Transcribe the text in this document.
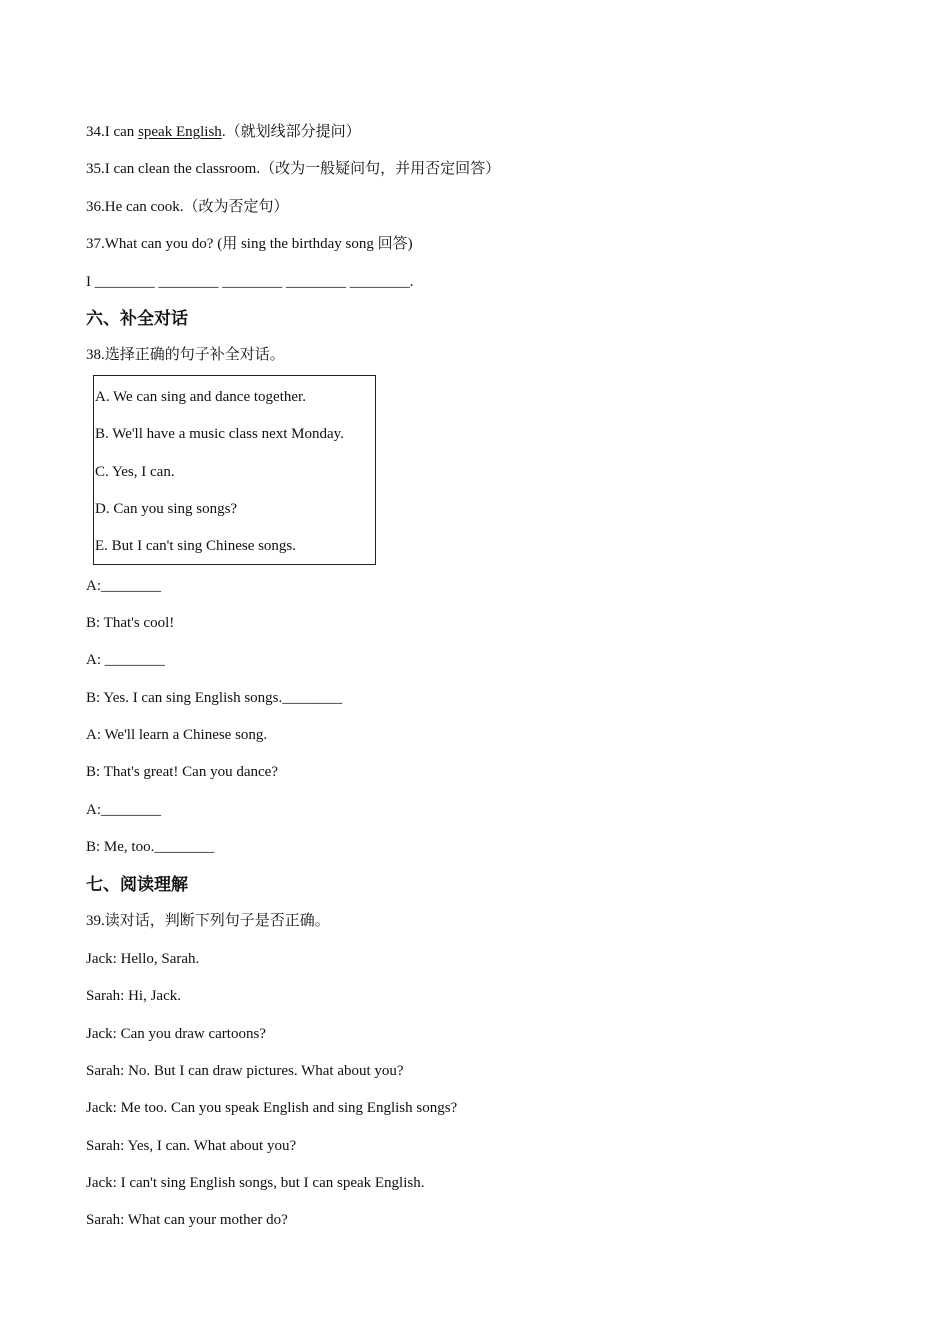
34.I can speak English.（就划线部分提问）
35.I can clean the classroom.（改为一般疑问句，并用否定回答）
36.He can cook.（改为否定句）
37.What can you do? (用 sing the birthday song 回答)
I ________ ________ ________ ________ ________.
六、补全对话
38.选择正确的句子补全对话。
A. We can sing and dance together.
B. We'll have a music class next Monday.
C. Yes, I can.
D. Can you sing songs?
E. But I can't sing Chinese songs.
A:________
B: That's cool!
A: ________
B: Yes. I can sing English songs.________
A: We'll learn a Chinese song.
B: That's great! Can you dance?
A:________
B: Me, too.________
七、阅读理解
39.读对话，判断下列句子是否正确。
Jack: Hello, Sarah.
Sarah: Hi, Jack.
Jack: Can you draw cartoons?
Sarah: No. But I can draw pictures. What about you?
Jack: Me too. Can you speak English and sing English songs?
Sarah: Yes, I can. What about you?
Jack: I can't sing English songs, but I can speak English.
Sarah: What can your mother do?
